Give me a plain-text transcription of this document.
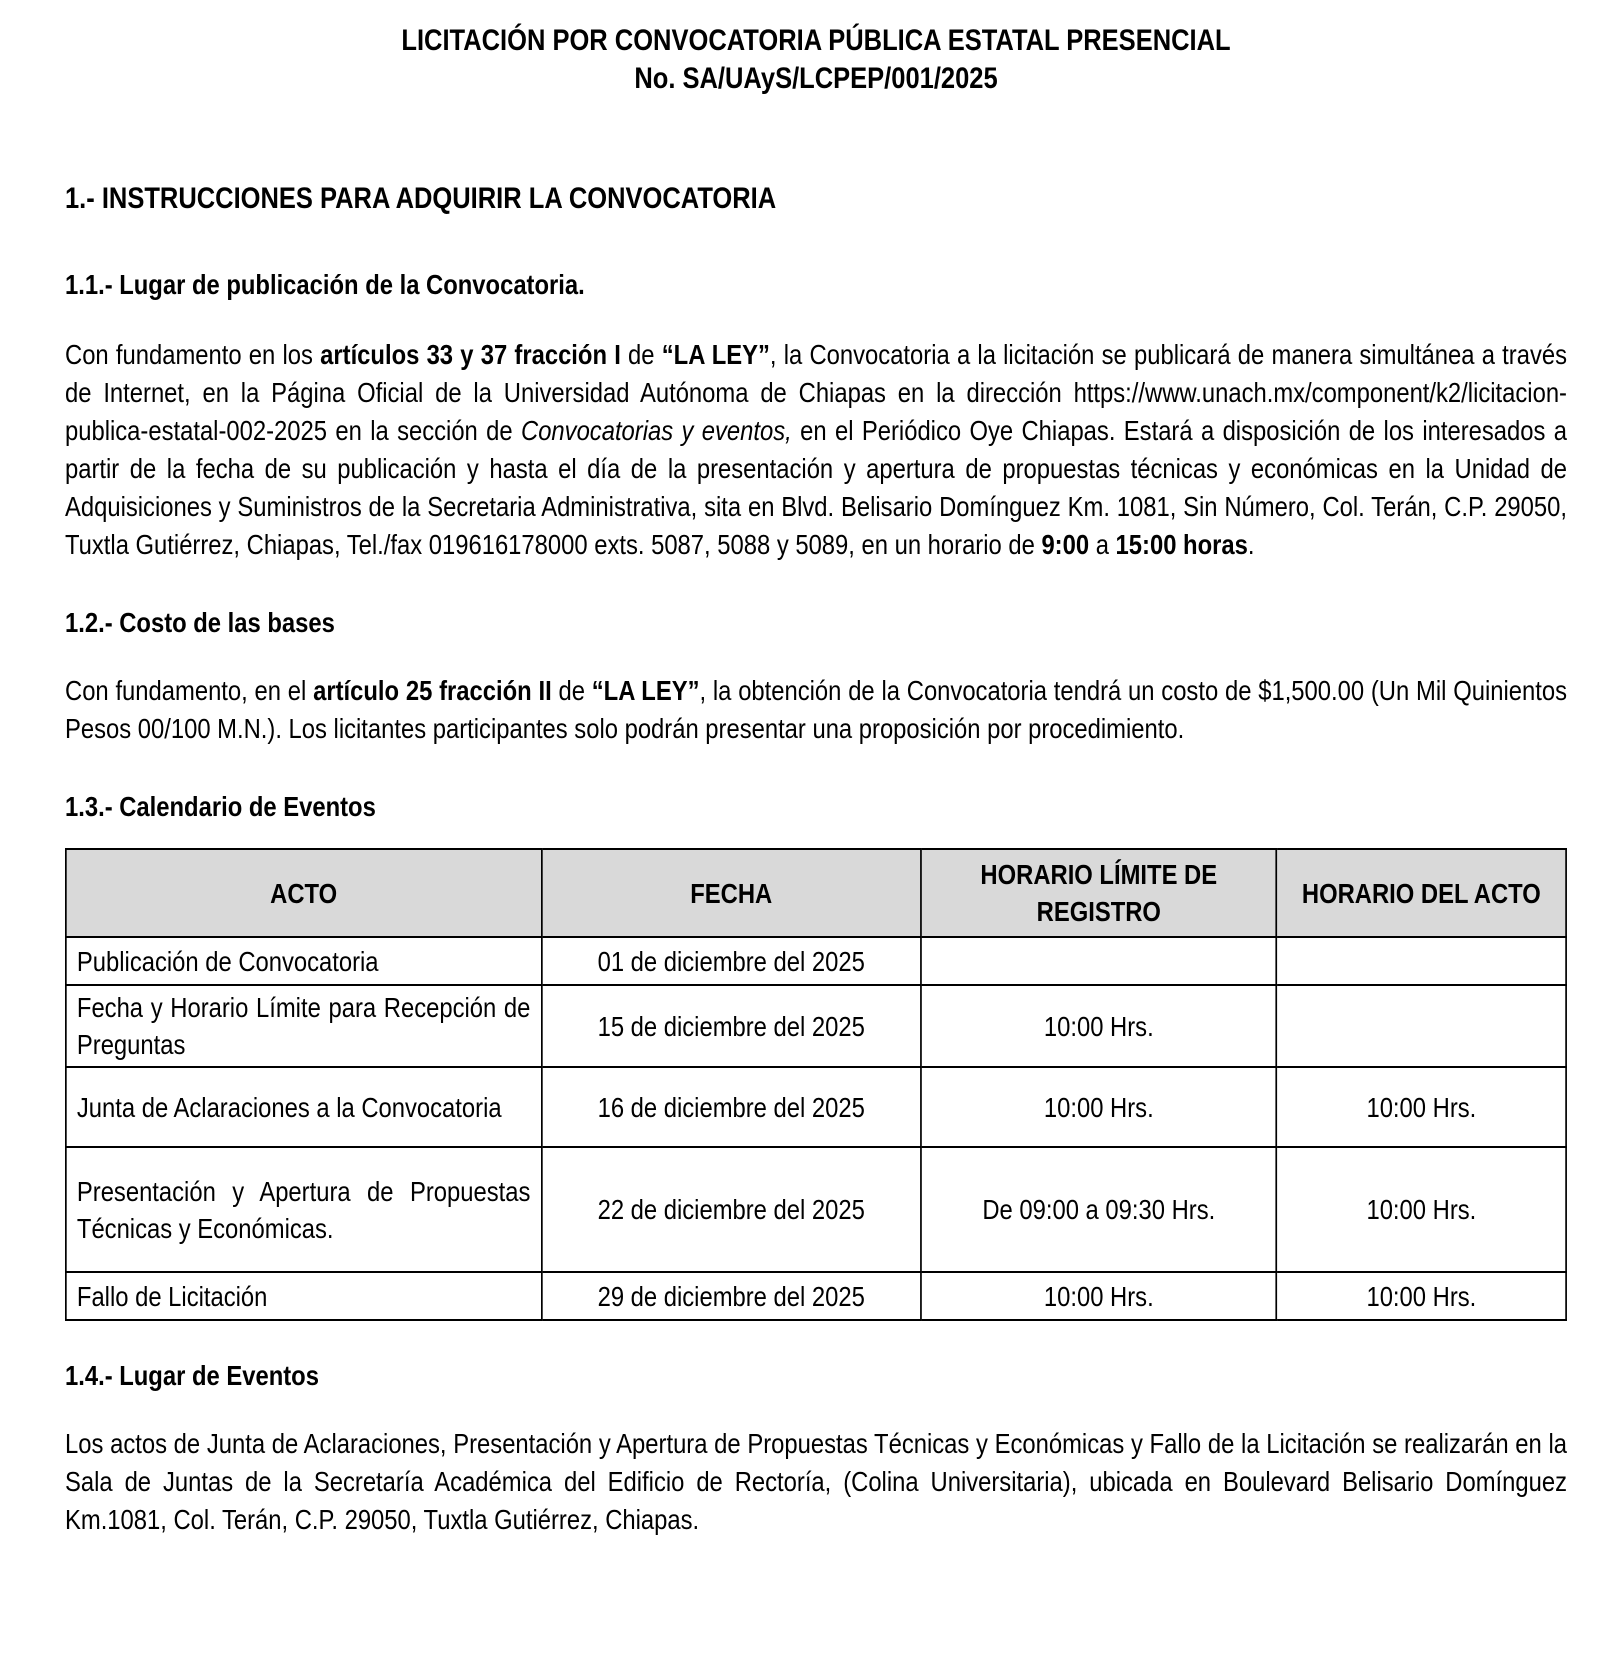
LICITACIÓN POR CONVOCATORIA PÚBLICA ESTATAL PRESENCIAL
No. SA/UAyS/LCPEP/001/2025
1.- INSTRUCCIONES PARA ADQUIRIR LA CONVOCATORIA
1.1.- Lugar de publicación de la Convocatoria.

Con fundamento en los artículos 33 y 37 fracción I de “LA LEY”, la Convocatoria a la licitación se publicará de manera simultánea a través de Internet, en la Página Oficial de la Universidad Autónoma de Chiapas en la dirección https://www.unach.mx/component/k2/licitacion-publica-estatal-002-2025 en la sección de Convocatorias y eventos, en el Periódico Oye Chiapas. Estará a disposición de los interesados a partir de la fecha de su publicación y hasta el día de la presentación y apertura de propuestas técnicas y económicas en la Unidad de Adquisiciones y Suministros de la Secretaria Administrativa, sita en Blvd. Belisario Domínguez Km. 1081, Sin Número, Col. Terán, C.P. 29050, Tuxtla Gutiérrez, Chiapas, Tel./fax 019616178000 exts. 5087, 5088 y 5089, en un horario de 9:00 a 15:00 horas.

1.2.- Costo de las bases

Con fundamento, en el artículo 25 fracción II de “LA LEY”, la obtención de la Convocatoria tendrá un costo de $1,500.00 (Un Mil Quinientos Pesos 00/100 M.N.). Los licitantes participantes solo podrán presentar una proposición por procedimiento.

1.3.- Calendario de Eventos
ACTO	FECHA	HORARIO LÍMITE DE REGISTRO	HORARIO DEL ACTO
Publicación de Convocatoria	01 de diciembre del 2025		
Fecha y Horario Límite para Recepción de Preguntas	15 de diciembre del 2025	10:00 Hrs.	
Junta de Aclaraciones a la Convocatoria	16 de diciembre del 2025	10:00 Hrs.	10:00 Hrs.
Presentación y Apertura de Propuestas Técnicas y Económicas.	22 de diciembre del 2025	De 09:00 a 09:30 Hrs.	10:00 Hrs.
Fallo de Licitación	29 de diciembre del 2025	10:00 Hrs.	10:00 Hrs.
1.4.- Lugar de Eventos

Los actos de Junta de Aclaraciones, Presentación y Apertura de Propuestas Técnicas y Económicas y Fallo de la Licitación se realizarán en la Sala de Juntas de la Secretaría Académica del Edificio de Rectoría, (Colina Universitaria), ubicada en Boulevard Belisario Domínguez Km.1081, Col. Terán, C.P. 29050, Tuxtla Gutiérrez, Chiapas.
